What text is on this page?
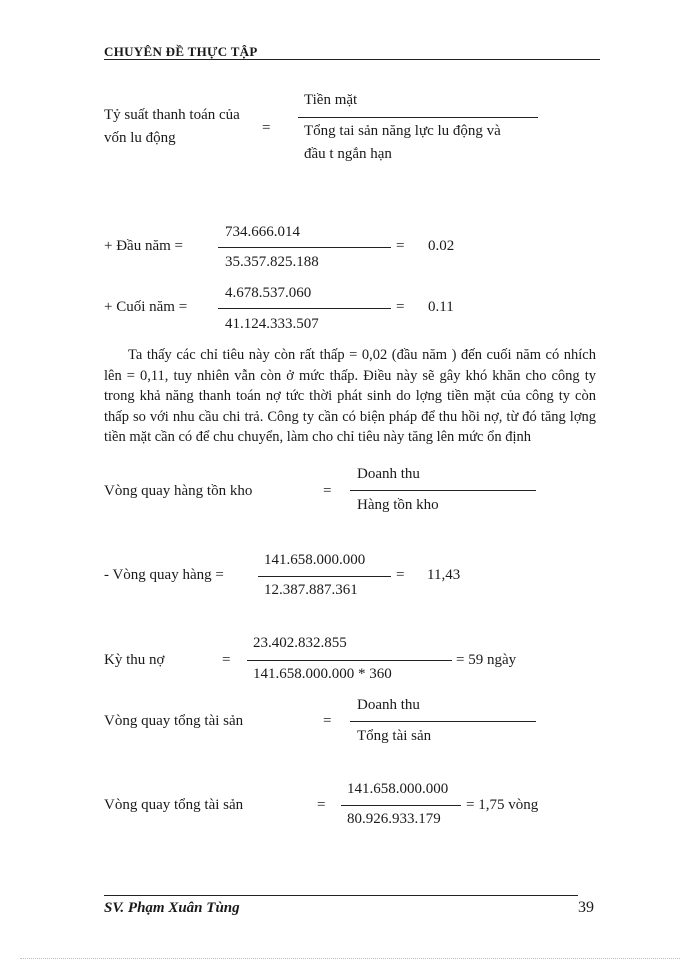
CHUYÊN ĐỀ THỰC TẬP
Tỷ suất thanh toán của
vốn lu động
=
Tiền mặt
Tổng tai sản năng lực lu động và
đầu t ngắn hạn
+ Đầu năm =
734.666.014
35.357.825.188
= 0.02
+ Cuối năm =
4.678.537.060
41.124.333.507
= 0.11
Ta thấy các chỉ tiêu này còn rất thấp = 0,02 (đầu năm ) đến cuối năm có nhích lên = 0,11, tuy nhiên vẫn còn ở mức thấp. Điều này sẽ gây khó khăn cho công ty trong khả năng thanh toán nợ tức thời phát sinh do lợng tiền mặt của công ty còn thấp so với nhu cầu chi trả. Công ty cần có biện pháp để thu hồi nợ, từ đó tăng lợng tiền mặt cần có để chu chuyển, làm cho chỉ tiêu này tăng lên mức ổn định
Vòng quay hàng tồn kho	=
Doanh thu
Hàng tồn kho
- Vòng quay hàng =
141.658.000.000
12.387.887.361
= 11,43
Kỳ thu nợ	=
23.402.832.855
141.658.000.000 * 360
= 59 ngày
Vòng quay tổng tài sản	=
Doanh thu
Tổng tài sản
Vòng quay tổng tài sản	=
141.658.000.000
80.926.933.179
= 1,75 vòng
SV. Phạm Xuân Tùng	39
